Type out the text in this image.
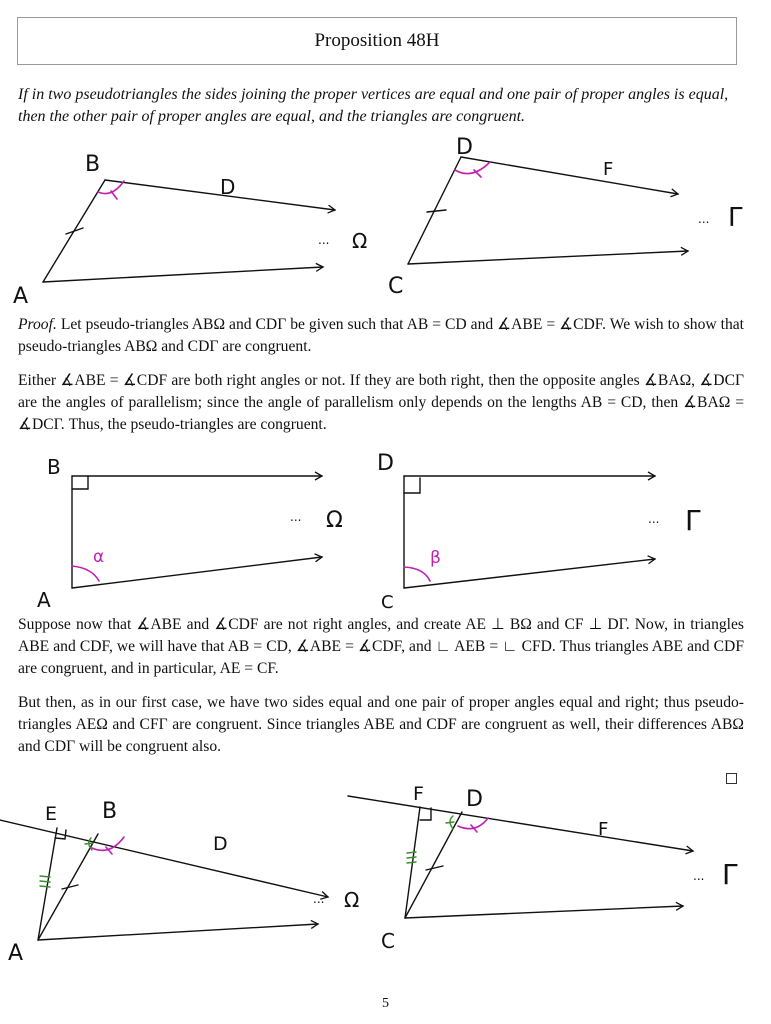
Proposition 48H
If in two pseudotriangles the sides joining the proper vertices are equal and one pair of proper angles is equal, then the other pair of proper angles are equal, and the triangles are congruent.
A
B
D
... Ω
C
D
F
... Γ
Proof. Let pseudo-triangles ABΩ and CDΓ be given such that AB = CD and ∡ABE = ∡CDF. We wish to show that pseudo-triangles ABΩ and CDΓ are congruent.
Either ∡ABE = ∡CDF are both right angles or not. If they are both right, then the opposite angles ∡BAΩ, ∡DCΓ are the angles of parallelism; since the angle of parallelism only depends on the lengths AB = CD, then ∡BAΩ = ∡DCΓ. Thus, the pseudo-triangles are congruent.
α
A
B
... Ω
β
C
D
... Γ
Suppose now that ∡ABE and ∡CDF are not right angles, and create AE ⊥ BΩ and CF ⊥ DΓ. Now, in triangles ABE and CDF, we will have that AB = CD, ∡ABE = ∡CDF, and ∟ AEB = ∟ CFD. Thus triangles ABE and CDF are congruent, and in particular, AE = CF.
But then, as in our first case, we have two sides equal and one pair of proper angles equal and right; thus pseudo-triangles AEΩ and CFΓ are congruent. Since triangles ABE and CDF are congruent as well, their differences ABΩ and CDΓ will be congruent also.
A
E B
D
... Ω
C
F D
F
... Γ
5
